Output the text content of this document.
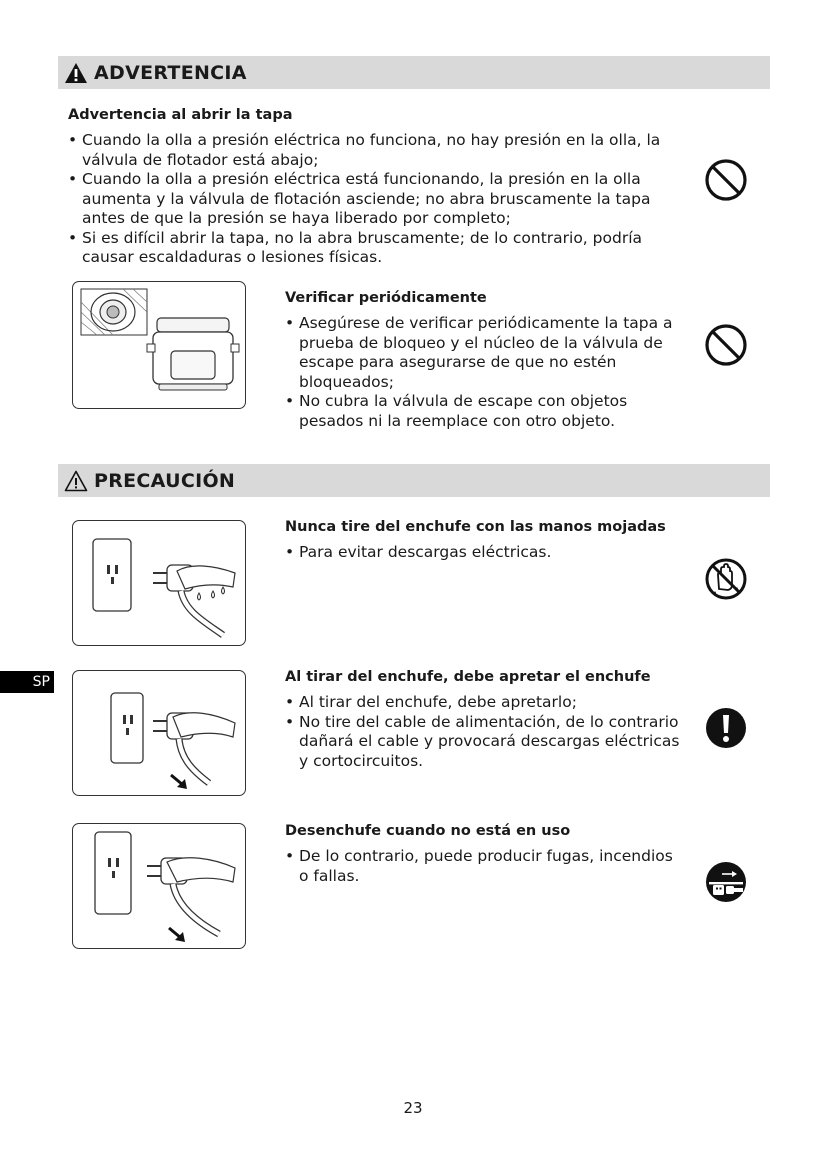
ADVERTENCIA
Advertencia al abrir la tapa
• Cuando la olla a presión eléctrica no funciona, no hay presión en la olla, la válvula de flotador está abajo;
• Cuando la olla a presión eléctrica está funcionando, la presión en la olla aumenta y la válvula de flotación asciende; no abra bruscamente la tapa antes de que la presión se haya liberado por completo;
• Si es difícil abrir la tapa, no la abra bruscamente; de lo contrario, podría causar escaldaduras o lesiones físicas.
Verificar periódicamente
• Asegúrese de verificar periódicamente la tapa a prueba de bloqueo y el núcleo de la válvula de escape para asegurarse de que no estén bloqueados;
• No cubra la válvula de escape con objetos pesados ni la reemplace con otro objeto.
PRECAUCIÓN
Nunca tire del enchufe con las manos mojadas
• Para evitar descargas eléctricas.
SP	Al tirar del enchufe, debe apretar el enchufe
• Al tirar del enchufe, debe apretarlo;
• No tire del cable de alimentación, de lo contrario dañará el cable y provocará descargas eléctricas y cortocircuitos.
Desenchufe cuando no está en uso
• De lo contrario, puede producir fugas, incendios o fallas.
23
